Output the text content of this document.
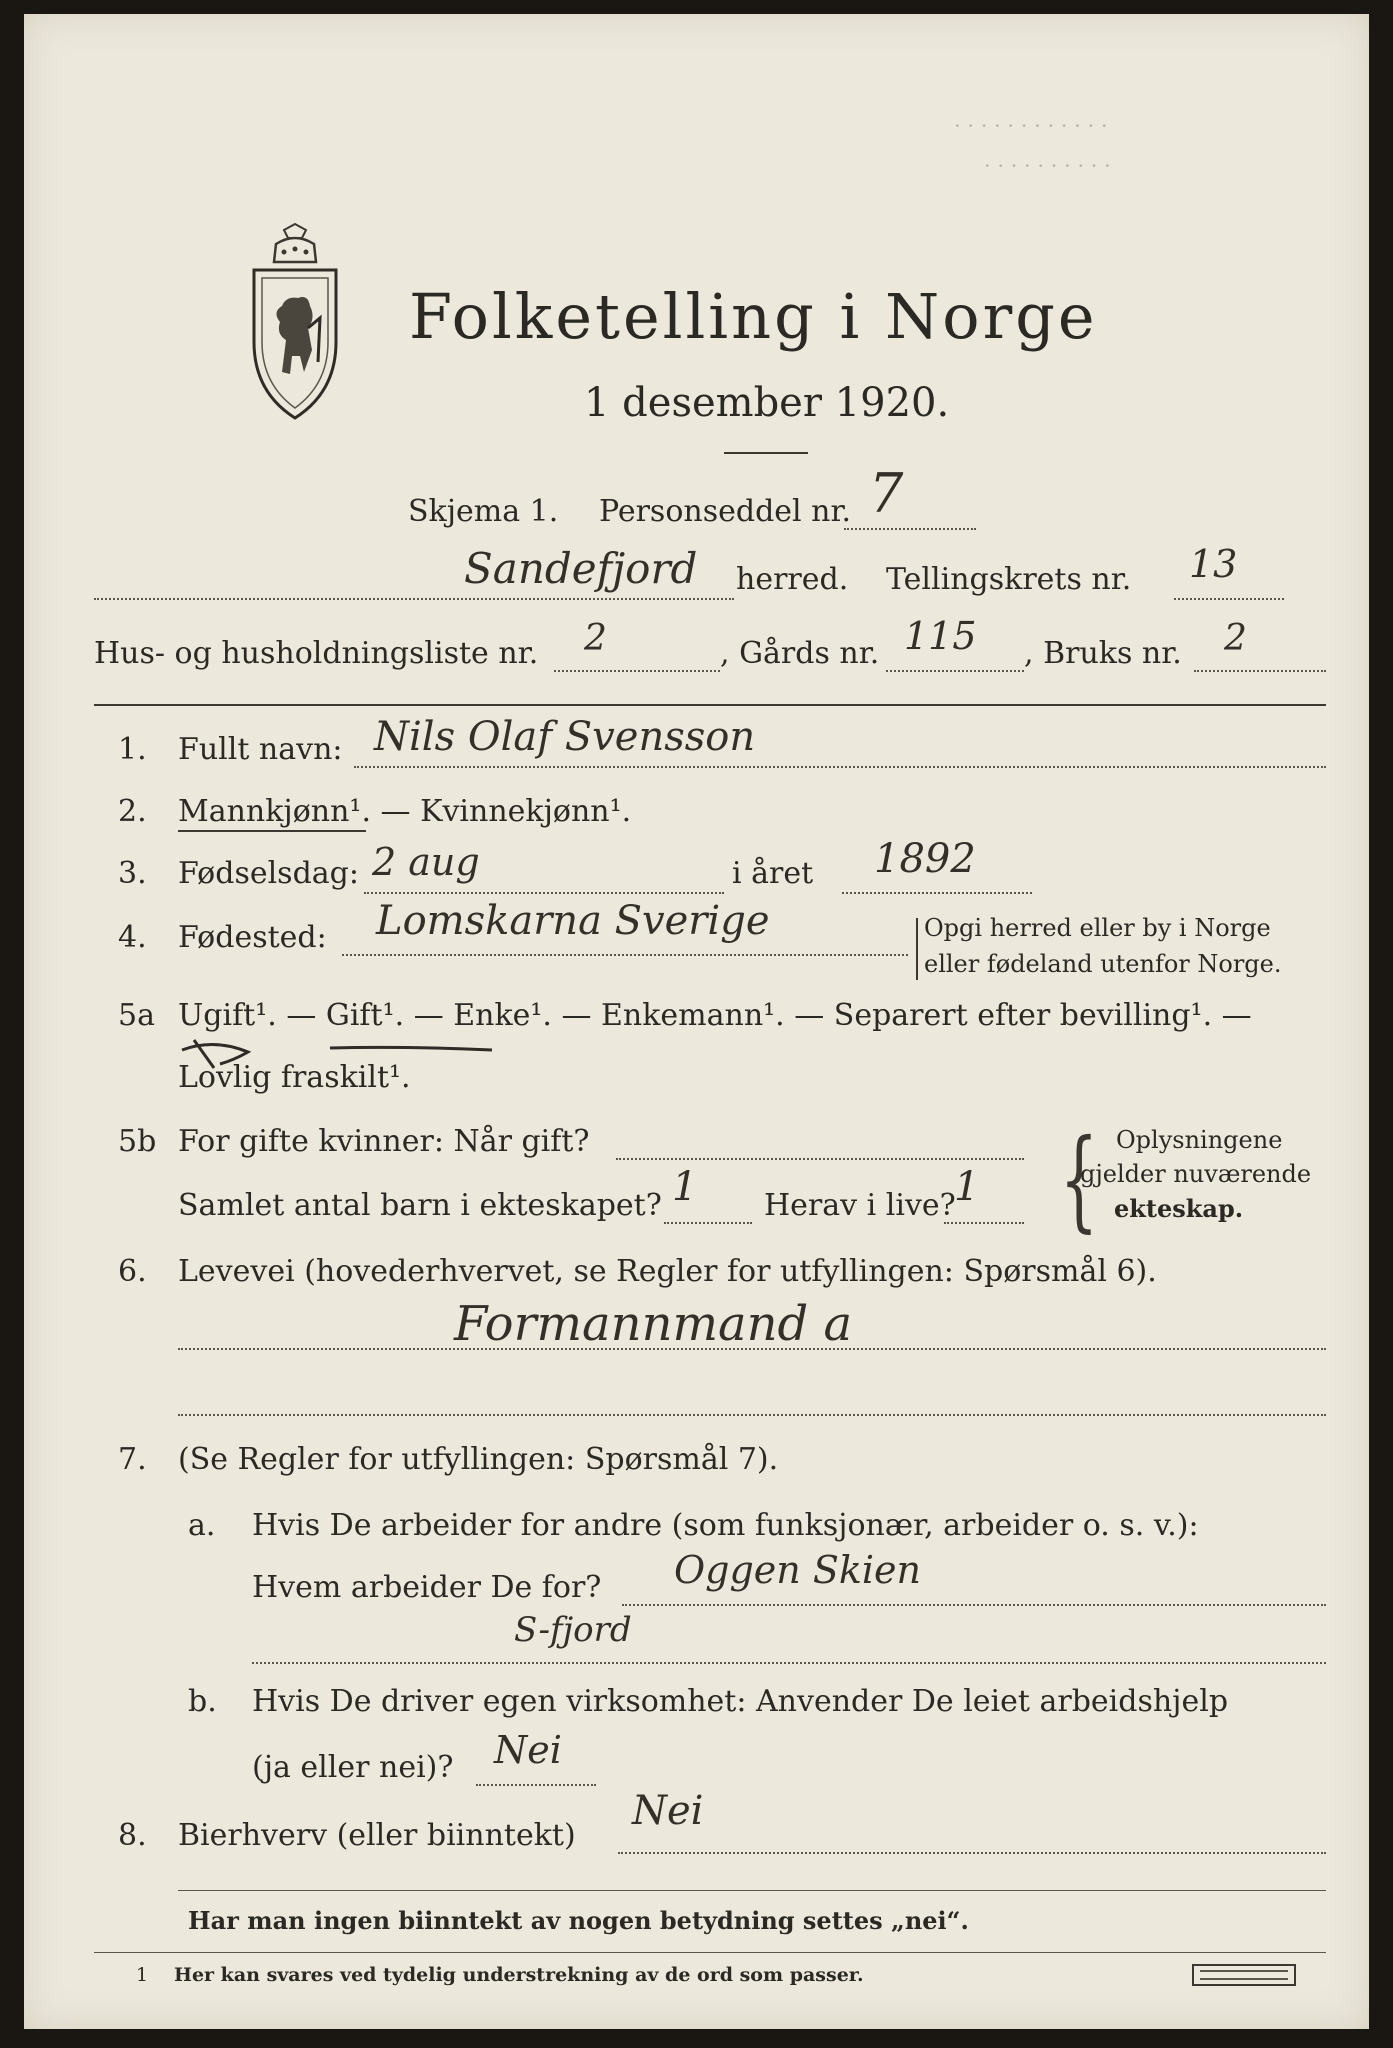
· · · · · · · · · · · ·
· · · · · · · · · ·
Folketelling i Norge
1 desember 1920.
Skjema 1. Personseddel nr. 7
Sandefjord herred. Tellingskrets nr. 13
Hus- og husholdningsliste nr. 2	, Gårds nr. 115 , Bruks nr. 2
1. Fullt navn: Nils Olaf Svensson
2. Mannkjønn¹. — Kvinnekjønn¹.
3. Fødselsdag: 2 aug	i året 1892
4. Fødested: Lomskarna Sverige	Opgi herred eller by i Norge
eller fødeland utenfor Norge.
5a Ugift¹. — Gift¹. — Enke¹. — Enkemann¹. — Separert efter bevilling¹. —
Lovlig fraskilt¹.
5b For gifte kvinner: Når gift?
Samlet antal barn i ekteskapet? 1 Herav i live?
1 { Oplysningene
gjelder nuværende
ekteskap.
6. Levevei (hovederhvervet, se Regler for utfyllingen: Spørsmål 6).
Formannmand a
7. (Se Regler for utfyllingen: Spørsmål 7).
a. Hvis De arbeider for andre (som funksjonær, arbeider o. s. v.):
Hvem arbeider De for? Oggen Skien
S-fjord
b. Hvis De driver egen virksomhet: Anvender De leiet arbeidshjelp
(ja eller nei)? Nei
8. Bierhverv (eller biinntekt)
Nei
Har man ingen biinntekt av nogen betydning settes „nei“.
1 Her kan svares ved tydelig understrekning av de ord som passer.
